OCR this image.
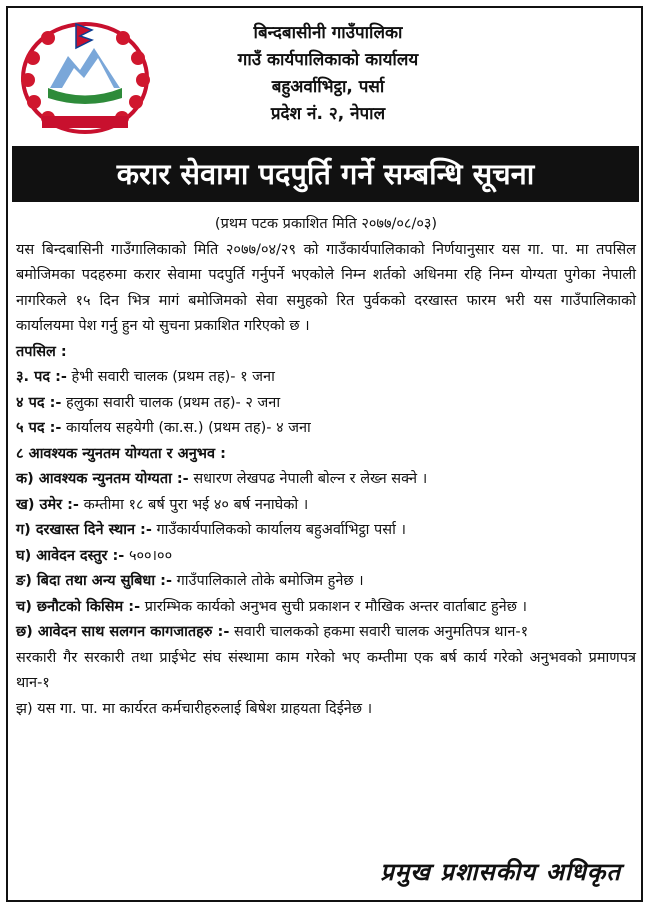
बिन्दबासीनी गाउँपालिका
गाउँ कार्यपालिकाको कार्यालय
बहुअर्वाभिट्ठा, पर्सा
प्रदेश नं. २, नेपाल
करार सेवामा पदपुर्ति गर्ने सम्बन्धि सूचना
(प्रथम पटक प्रकाशित मिति २०७७/०८/०३)
यस बिन्दबासिनी गाउँगालिकाको मिति २०७७/०४/२९ को गाउँकार्यपालिकाको निर्णयानुसार यस गा. पा. मा तपसिल बमोजिमका पदहरुमा करार सेवामा पदपुर्ति गर्नुपर्ने भएकोले निम्न शर्तको अधिनमा रहि निम्न योग्यता पुगेका नेपाली नागरिकले १५ दिन भित्र मागं बमोजिमको सेवा समुहको रित पुर्वकको दरखास्त फारम भरी यस गाउँपालिकाको कार्यालयमा पेश गर्नु हुन यो सुचना प्रकाशित गरिएको छ ।
तपसिल :
३. पद :- हेभी सवारी चालक (प्रथम तह)- १ जना
४ पद :- हलुका सवारी चालक (प्रथम तह)- २ जना
५ पद :- कार्यालय सहयेगी (का.स.) (प्रथम तह)- ४ जना
८ आवश्यक न्युनतम योग्यता र अनुभव :
क) आवश्यक न्युनतम योग्यता :- सधारण लेखपढ नेपाली बोल्न र लेख्न सक्ने ।
ख) उमेर :- कम्तीमा १८ बर्ष पुरा भई ४० बर्ष ननाघेको ।
ग) दरखास्त दिने स्थान :- गाउँकार्यपालिकको कार्यालय बहुअर्वाभिट्ठा पर्सा ।
घ) आवेदन दस्तुर :- ५००।००
ङ) बिदा तथा अन्य सुबिधा :- गाउँपालिकाले तोके बमोजिम हुनेछ ।
च) छनौटको किसिम :- प्रारम्भिक कार्यको अनुभव सुची प्रकाशन र मौखिक अन्तर वार्ताबाट हुनेछ ।
छ) आवेदन साथ सलगन कागजातहरु :- सवारी चालकको हकमा सवारी चालक अनुमतिपत्र थान-१
सरकारी गैर सरकारी तथा प्राईभेट संघ संस्थामा काम गरेको भए कम्तीमा एक बर्ष कार्य गरेको अनुभवको प्रमाणपत्र थान-१
झ) यस गा. पा. मा कार्यरत कर्मचारीहरुलाई बिषेश ग्राहयता दिईनेछ ।
प्रमुख प्रशासकीय अधिकृत
